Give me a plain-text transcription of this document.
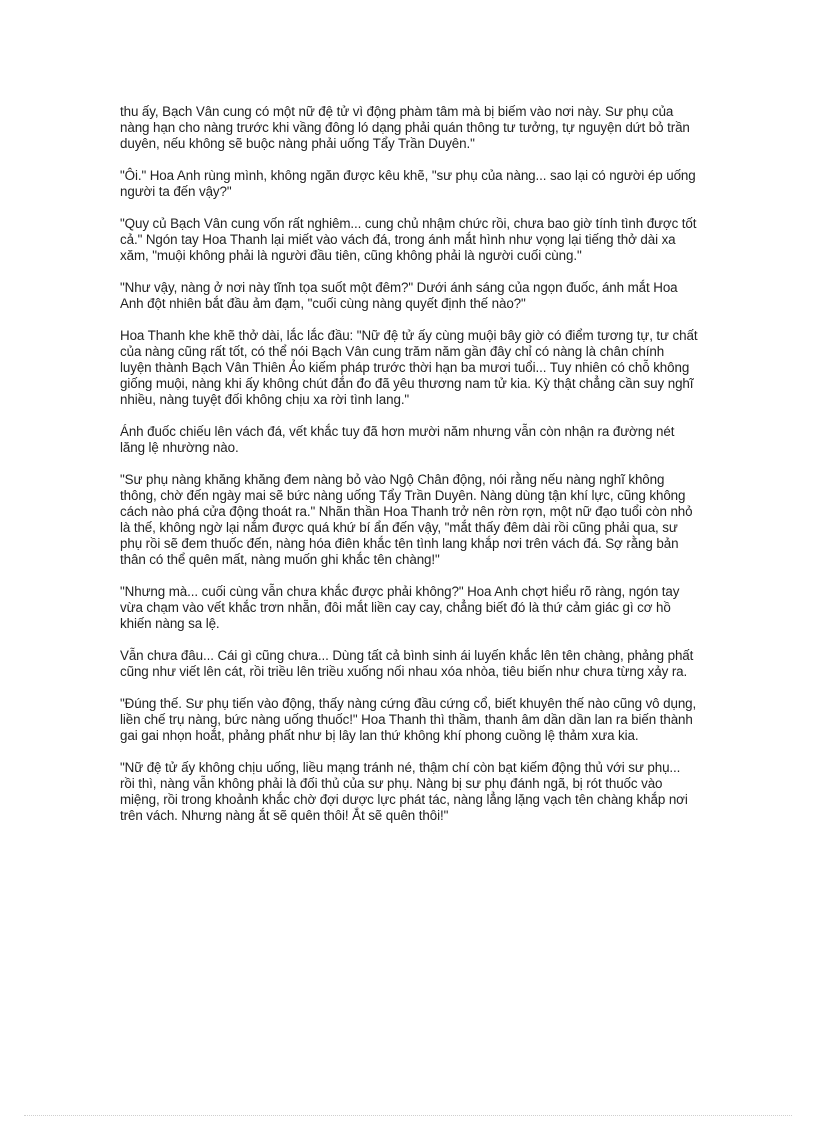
thu ấy, Bạch Vân cung có một nữ đệ tử vì động phàm tâm mà bị biếm vào nơi này. Sư phụ của nàng hạn cho nàng trước khi vầng đông ló dạng phải quán thông tư tưởng, tự nguyện dứt bỏ trần duyên, nếu không sẽ buộc nàng phải uống Tẩy Trần Duyên."

"Ôi." Hoa Anh rùng mình, không ngăn được kêu khẽ, "sư phụ của nàng... sao lại có người ép uống người ta đến vậy?"

"Quy củ Bạch Vân cung vốn rất nghiêm... cung chủ nhậm chức rồi, chưa bao giờ tính tình được tốt cả." Ngón tay Hoa Thanh lại miết vào vách đá, trong ánh mắt hình như vọng lại tiếng thở dài xa xăm, "muội không phải là người đầu tiên, cũng không phải là người cuối cùng."

"Như vậy, nàng ở nơi này tĩnh tọa suốt một đêm?" Dưới ánh sáng của ngọn đuốc, ánh mắt Hoa Anh đột nhiên bắt đầu ảm đạm, "cuối cùng nàng quyết định thế nào?"

Hoa Thanh khe khẽ thở dài, lắc lắc đầu: "Nữ đệ tử ấy cùng muội bây giờ có điểm tương tự, tư chất của nàng cũng rất tốt, có thể nói Bạch Vân cung trăm năm gần đây chỉ có nàng là chân chính luyện thành Bạch Vân Thiên Ảo kiếm pháp trước thời hạn ba mươi tuổi... Tuy nhiên có chỗ không giống muội, nàng khi ấy không chút đắn đo đã yêu thương nam tử kia. Kỳ thật chẳng cần suy nghĩ nhiều, nàng tuyệt đối không chịu xa rời tình lang."

Ánh đuốc chiếu lên vách đá, vết khắc tuy đã hơn mười năm nhưng vẫn còn nhận ra đường nét lăng lệ nhường nào.

"Sư phụ nàng khăng khăng đem nàng bỏ vào Ngộ Chân động, nói rằng nếu nàng nghĩ không thông, chờ đến ngày mai sẽ bức nàng uống Tẩy Trần Duyên. Nàng dùng tận khí lực, cũng không cách nào phá cửa động thoát ra." Nhãn thần Hoa Thanh trở nên rờn rợn, một nữ đạo tuổi còn nhỏ là thế, không ngờ lại nắm được quá khứ bí ẩn đến vậy, "mắt thấy đêm dài rồi cũng phải qua, sư phụ rồi sẽ đem thuốc đến, nàng hóa điên khắc tên tình lang khắp nơi trên vách đá. Sợ rằng bản thân có thể quên mất, nàng muốn ghi khắc tên chàng!"

"Nhưng mà... cuối cùng vẫn chưa khắc được phải không?" Hoa Anh chợt hiểu rõ ràng, ngón tay vừa chạm vào vết khắc trơn nhẵn, đôi mắt liền cay cay, chẳng biết đó là thứ cảm giác gì cơ hồ khiến nàng sa lệ.

Vẫn chưa đâu... Cái gì cũng chưa... Dùng tất cả bình sinh ái luyến khắc lên tên chàng, phảng phất cũng như viết lên cát, rồi triều lên triều xuống nối nhau xóa nhòa, tiêu biến như chưa từng xảy ra.

"Đúng thế. Sư phụ tiến vào động, thấy nàng cứng đầu cứng cổ, biết khuyên thế nào cũng vô dụng, liền chế trụ nàng, bức nàng uống thuốc!" Hoa Thanh thì thầm, thanh âm dần dần lan ra biến thành gai gai nhọn hoắt, phảng phất như bị lây lan thứ không khí phong cuồng lệ thảm xưa kia.

"Nữ đệ tử ấy không chịu uống, liều mạng tránh né, thậm chí còn bạt kiếm động thủ với sư phụ... rồi thì, nàng vẫn không phải là đối thủ của sư phụ. Nàng bị sư phụ đánh ngã, bị rót thuốc vào miệng, rồi trong khoảnh khắc chờ đợi dược lực phát tác, nàng lẳng lặng vạch tên chàng khắp nơi trên vách. Nhưng nàng ắt sẽ quên thôi! Ắt sẽ quên thôi!"
